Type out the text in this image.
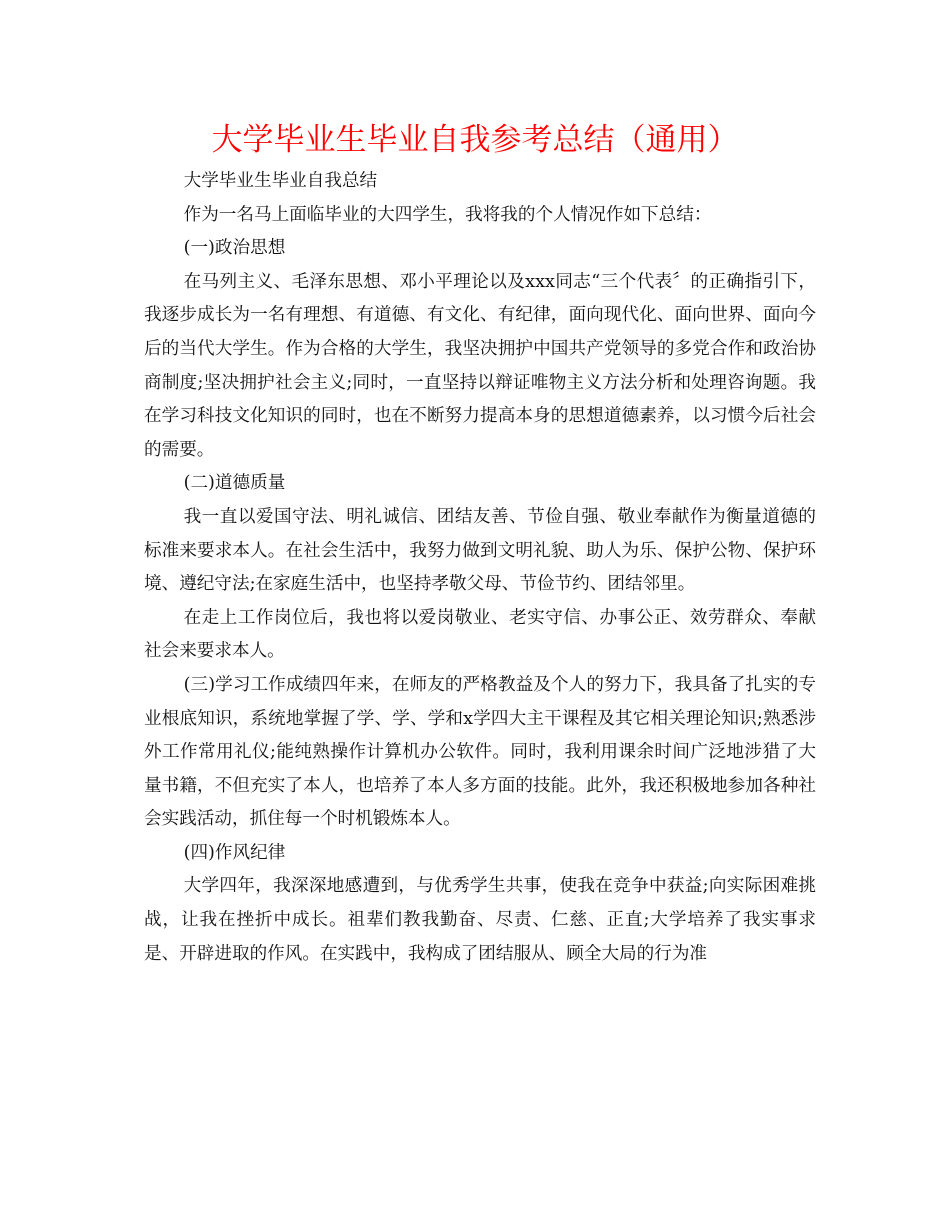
大学毕业生毕业自我参考总结（通用）

大学毕业生毕业自我总结

作为一名马上面临毕业的大四学生，我将我的个人情况作如下总结：

(一)政治思想

在马列主义、毛泽东思想、邓小平理论以及xxx同志“三个代表〞的正确指引下，我逐步成长为一名有理想、有道德、有文化、有纪律，面向现代化、面向世界、面向今后的当代大学生。作为合格的大学生，我坚决拥护中国共产党领导的多党合作和政治协商制度;坚决拥护社会主义;同时，一直坚持以辩证唯物主义方法分析和处理咨询题。我在学习科技文化知识的同时，也在不断努力提高本身的思想道德素养，以习惯今后社会的需要。

(二)道德质量

我一直以爱国守法、明礼诚信、团结友善、节俭自强、敬业奉献作为衡量道德的标准来要求本人。在社会生活中，我努力做到文明礼貌、助人为乐、保护公物、保护环境、遵纪守法;在家庭生活中，也坚持孝敬父母、节俭节约、团结邻里。

在走上工作岗位后，我也将以爱岗敬业、老实守信、办事公正、效劳群众、奉献社会来要求本人。

(三)学习工作成绩四年来，在师友的严格教益及个人的努力下，我具备了扎实的专业根底知识，系统地掌握了学、学、学和x学四大主干课程及其它相关理论知识;熟悉涉外工作常用礼仪;能纯熟操作计算机办公软件。同时，我利用课余时间广泛地涉猎了大量书籍，不但充实了本人，也培养了本人多方面的技能。此外，我还积极地参加各种社会实践活动，抓住每一个时机锻炼本人。

(四)作风纪律

大学四年，我深深地感遭到，与优秀学生共事，使我在竞争中获益;向实际困难挑战，让我在挫折中成长。祖辈们教我勤奋、尽责、仁慈、正直;大学培养了我实事求是、开辟进取的作风。在实践中，我构成了团结服从、顾全大局的行为准
